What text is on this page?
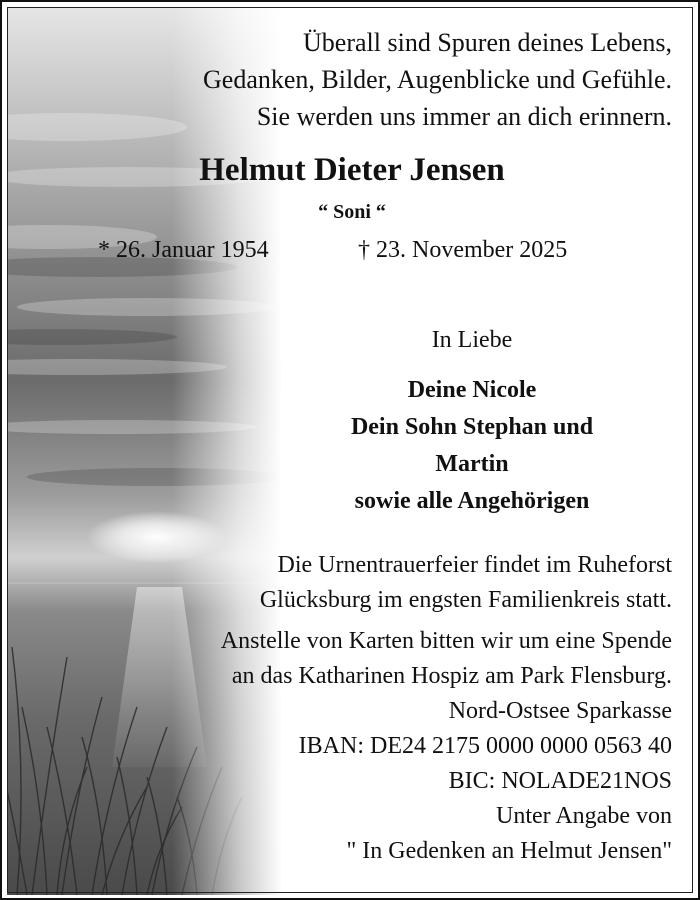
Überall sind Spuren deines Lebens,
Gedanken, Bilder, Augenblicke und Gefühle.
Sie werden uns immer an dich erinnern.
Helmut Dieter Jensen
“ Soni “
* 26. Januar 1954	† 23. November 2025
In Liebe
Deine Nicole
Dein Sohn Stephan und
Martin
sowie alle Angehörigen

Die Urnentrauerfeier findet im Ruheforst

Glücksburg im engsten Familienkreis statt.

Anstelle von Karten bitten wir um eine Spende

an das Katharinen Hospiz am Park Flensburg.

Nord-Ostsee Sparkasse

IBAN: DE24 2175 0000 0000 0563 40

BIC: NOLADE21NOS

Unter Angabe von

" In Gedenken an Helmut Jensen"
